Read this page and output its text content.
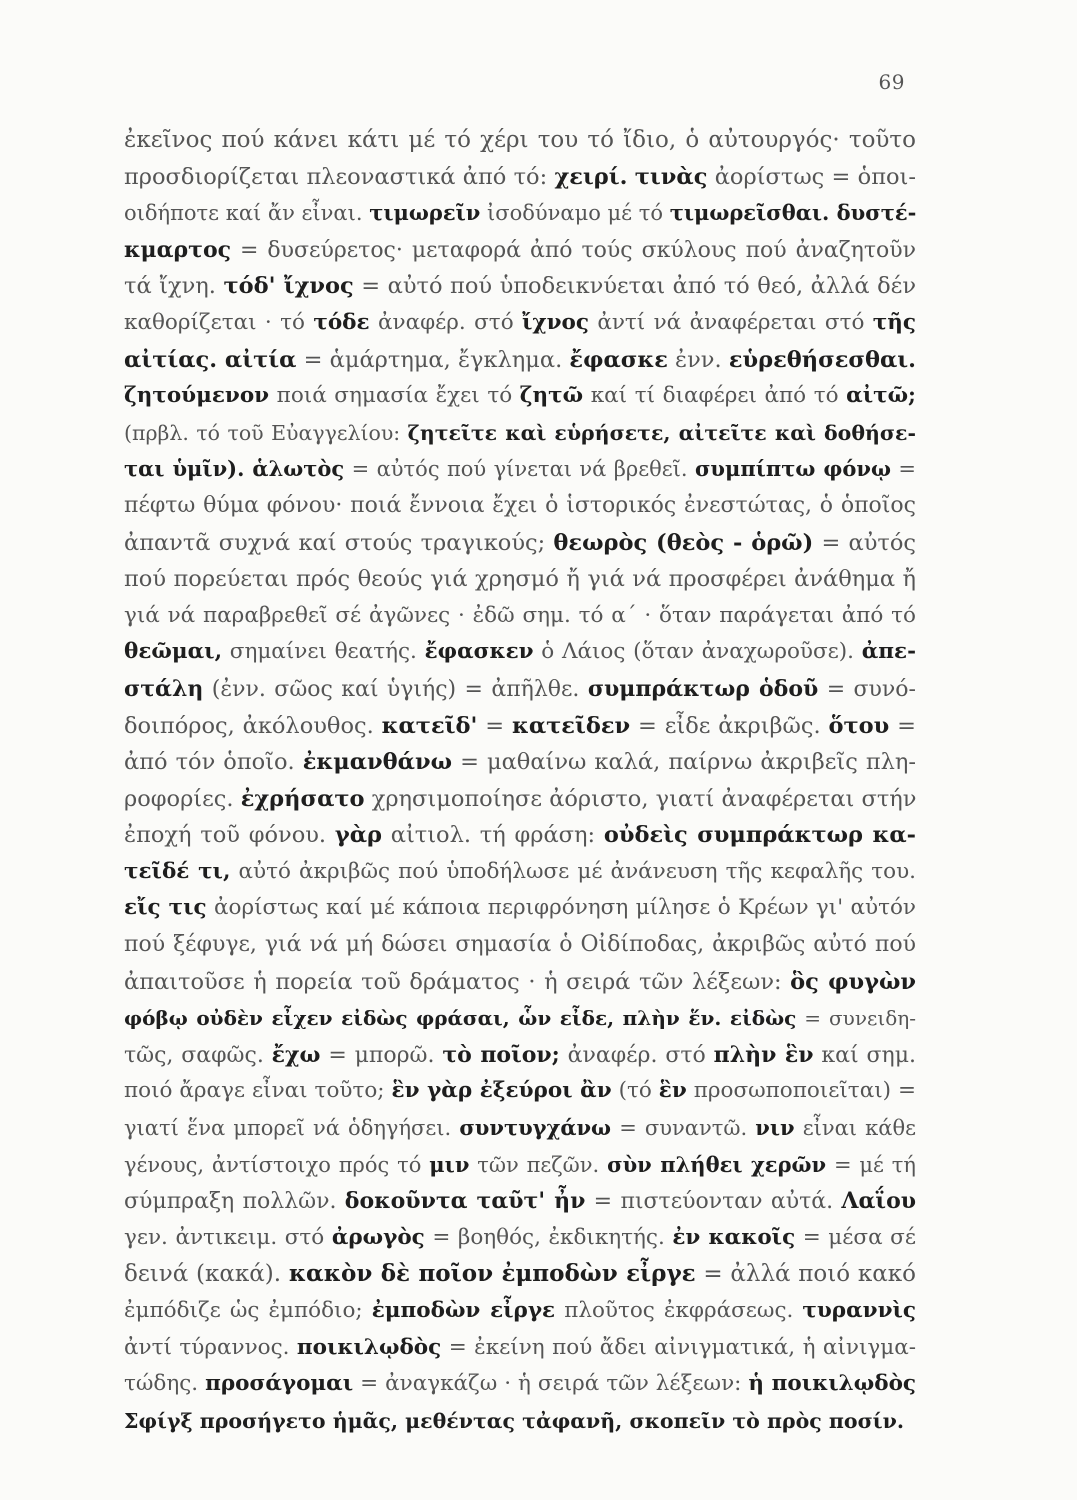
69
ἐκεῖνος πού κάνει κάτι μέ τό χέρι του τό ἴδιο, ὁ αὐτουργός· τοῦτο
προσδιορίζεται πλεοναστικά ἀπό τό: χειρί. τινὰς ἀορίστως = ὁποι-
οιδήποτε καί ἄν εἶναι. τιμωρεῖν ἰσοδύναμο μέ τό τιμωρεῖσθαι. δυστέ-
κμαρτος = δυσεύρετος· μεταφορά ἀπό τούς σκύλους πού ἀναζητοῦν
τά ἴχνη. τόδ' ἴχνος = αὐτό πού ὑποδεικνύεται ἀπό τό θεό, ἀλλά δέν
καθορίζεται · τό τόδε ἀναφέρ. στό ἴχνος ἀντί νά ἀναφέρεται στό τῆς
αἰτίας. αἰτία = ἁμάρτημα, ἔγκλημα. ἔφασκε ἐνν. εὑρεθήσεσθαι.
ζητούμενον ποιά σημασία ἔχει τό ζητῶ καί τί διαφέρει ἀπό τό αἰτῶ;
(πρβλ. τό τοῦ Εὐαγγελίου: ζητεῖτε καὶ εὑρήσετε, αἰτεῖτε καὶ δοθήσε-
ται ὑμῖν). ἁλωτὸς = αὐτός πού γίνεται νά βρεθεῖ. συμπίπτω φόνῳ =
πέφτω θύμα φόνου· ποιά ἔννοια ἔχει ὁ ἱστορικός ἐνεστώτας, ὁ ὁποῖος
ἀπαντᾶ συχνά καί στούς τραγικούς; θεωρὸς (θεὸς - ὁρῶ) = αὐτός
πού πορεύεται πρός θεούς γιά χρησμό ἤ γιά νά προσφέρει ἀνάθημα ἤ
γιά νά παραβρεθεῖ σέ ἀγῶνες · ἐδῶ σημ. τό α΄ · ὅταν παράγεται ἀπό τό
θεῶμαι, σημαίνει θεατής. ἔφασκεν ὁ Λάιος (ὅταν ἀναχωροῦσε). ἀπε-
στάλη (ἐνν. σῶος καί ὑγιής) = ἀπῆλθε. συμπράκτωρ ὁδοῦ = συνό-
δοιπόρος, ἀκόλουθος. κατεῖδ' = κατεῖδεν = εἶδε ἀκριβῶς. ὅτου =
ἀπό τόν ὁποῖο. ἐκμανθάνω = μαθαίνω καλά, παίρνω ἀκριβεῖς πλη-
ροφορίες. ἐχρήσατο χρησιμοποίησε ἀόριστο, γιατί ἀναφέρεται στήν
ἐποχή τοῦ φόνου. γὰρ αἰτιολ. τή φράση: οὐδεὶς συμπράκτωρ κα-
τεῖδέ τι, αὐτό ἀκριβῶς πού ὑποδήλωσε μέ ἀνάνευση τῆς κεφαλῆς του.
εἴς τις ἀορίστως καί μέ κάποια περιφρόνηση μίλησε ὁ Κρέων γι' αὐτόν
πού ξέφυγε, γιά νά μή δώσει σημασία ὁ Οἰδίποδας, ἀκριβῶς αὐτό πού
ἀπαιτοῦσε ἡ πορεία τοῦ δράματος · ἡ σειρά τῶν λέξεων: ὃς φυγὼν
φόβῳ οὐδὲν εἶχεν εἰδὼς φράσαι, ὧν εἶδε, πλὴν ἕν. εἰδὼς = συνειδη-
τῶς, σαφῶς. ἔχω = μπορῶ. τὸ ποῖον; ἀναφέρ. στό πλὴν ἓν καί σημ.
ποιό ἄραγε εἶναι τοῦτο; ἓν γὰρ ἐξεύροι ἂν (τό ἓν προσωποποιεῖται) =
γιατί ἕνα μπορεῖ νά ὁδηγήσει. συντυγχάνω = συναντῶ. νιν εἶναι κάθε
γένους, ἀντίστοιχο πρός τό μιν τῶν πεζῶν. σὺν πλήθει χερῶν = μέ τή
σύμπραξη πολλῶν. δοκοῦντα ταῦτ' ἦν = πιστεύονταν αὐτά. Λαΐου
γεν. ἀντικειμ. στό ἀρωγὸς = βοηθός, ἐκδικητής. ἐν κακοῖς = μέσα σέ
δεινά (κακά). κακὸν δὲ ποῖον ἐμποδὼν εἶργε = ἀλλά ποιό κακό
ἐμπόδιζε ὡς ἐμπόδιο; ἐμποδὼν εἶργε πλοῦτος ἐκφράσεως. τυραννὶς
ἀντί τύραννος. ποικιλῳδὸς = ἐκείνη πού ἄδει αἰνιγματικά, ἡ αἰνιγμα-
τώδης. προσάγομαι = ἀναγκάζω · ἡ σειρά τῶν λέξεων: ἡ ποικιλῳδὸς
Σφίγξ προσήγετο ἡμᾶς, μεθέντας τἀφανῆ, σκοπεῖν τὸ πρὸς ποσίν.
